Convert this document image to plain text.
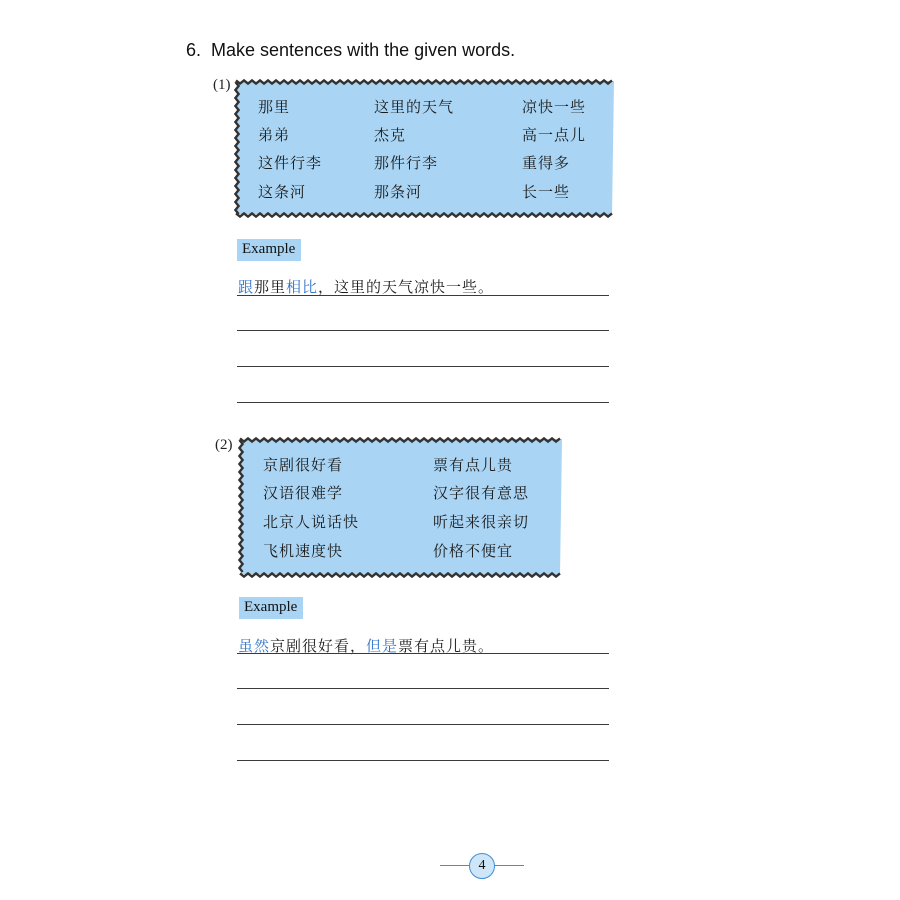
6. Make sentences with the given words.
(1)
那里	这里的天气	凉快一些
弟弟	杰克	高一点儿
这件行李	那件行李	重得多
这条河	那条河	长一些
Example
跟那里相比，这里的天气凉快一些。
(2)
京剧很好看	票有点儿贵
汉语很难学	汉字很有意思
北京人说话快	听起来很亲切
飞机速度快	价格不便宜
Example
虽然京剧很好看，但是票有点儿贵。
4
